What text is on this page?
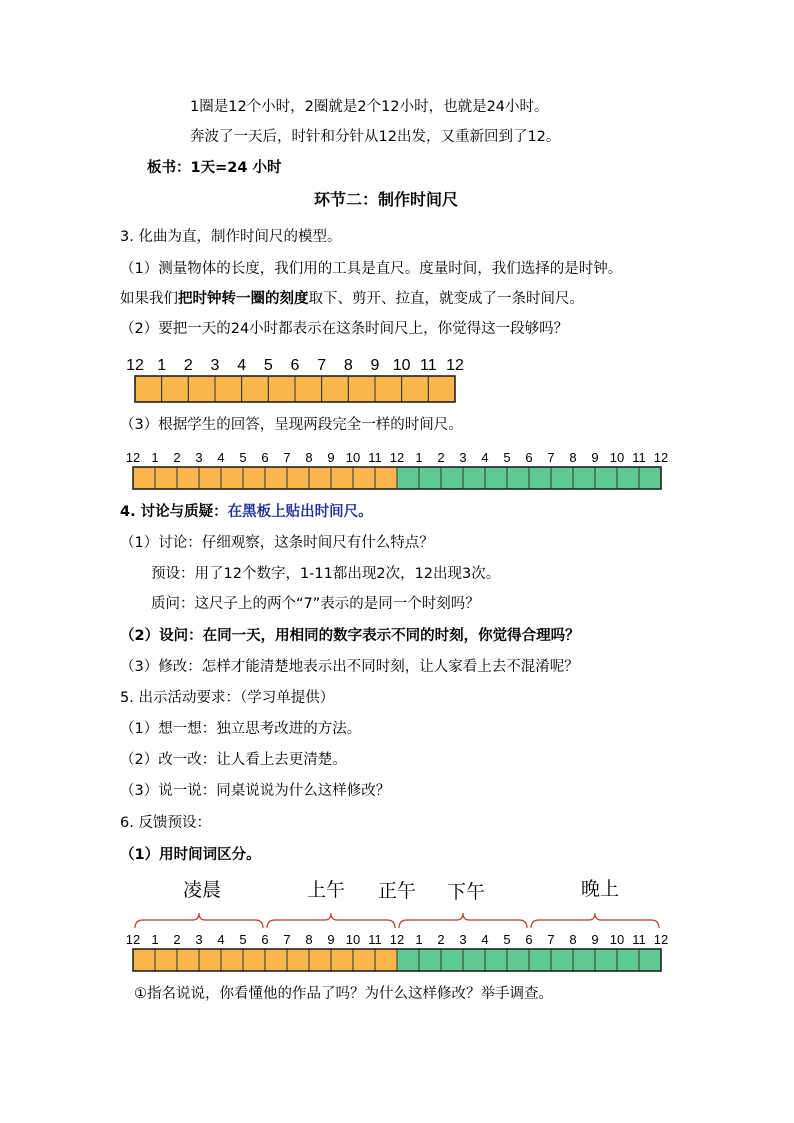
1圈是12个小时，2圈就是2个12小时，也就是24小时。
奔波了一天后，时针和分针从12出发，又重新回到了12。
板书：1天=24 小时
环节二：制作时间尺
3. 化曲为直，制作时间尺的模型。
（1）测量物体的长度，我们用的工具是直尺。度量时间，我们选择的是时钟。
如果我们把时钟转一圈的刻度取下、剪开、拉直，就变成了一条时间尺。
（2）要把一天的24小时都表示在这条时间尺上，你觉得这一段够吗？
（3）根据学生的回答，呈现两段完全一样的时间尺。
4. 讨论与质疑：在黑板上贴出时间尺。
（1）讨论：仔细观察，这条时间尺有什么特点？
预设：用了12个数字，1-11都出现2次，12出现3次。
质问：这尺子上的两个“7”表示的是同一个时刻吗？
（2）设问：在同一天，用相同的数字表示不同的时刻，你觉得合理吗？
（3）修改：怎样才能清楚地表示出不同时刻，让人家看上去不混淆呢？
5. 出示活动要求：（学习单提供）
（1）想一想：独立思考改进的方法。
（2）改一改：让人看上去更清楚。
（3）说一说：同桌说说为什么这样修改？
6. 反馈预设：
（1）用时间词区分。
①指名说说，你看懂他的作品了吗？为什么这样修改？举手调查。
12 1 2 3 4 5 6 7 8 9 10 11 12
12 1 2 3 4 5 6 7 8 9 10 11 12 1 2 3 4 5 6 7 8 9 10 11 12
12 1 2 3 4 5 6 7 8 9 10 11 12 1 2 3 4 5 6 7 8 9 10 11 12
凌晨	上午 正午 下午	晚上
